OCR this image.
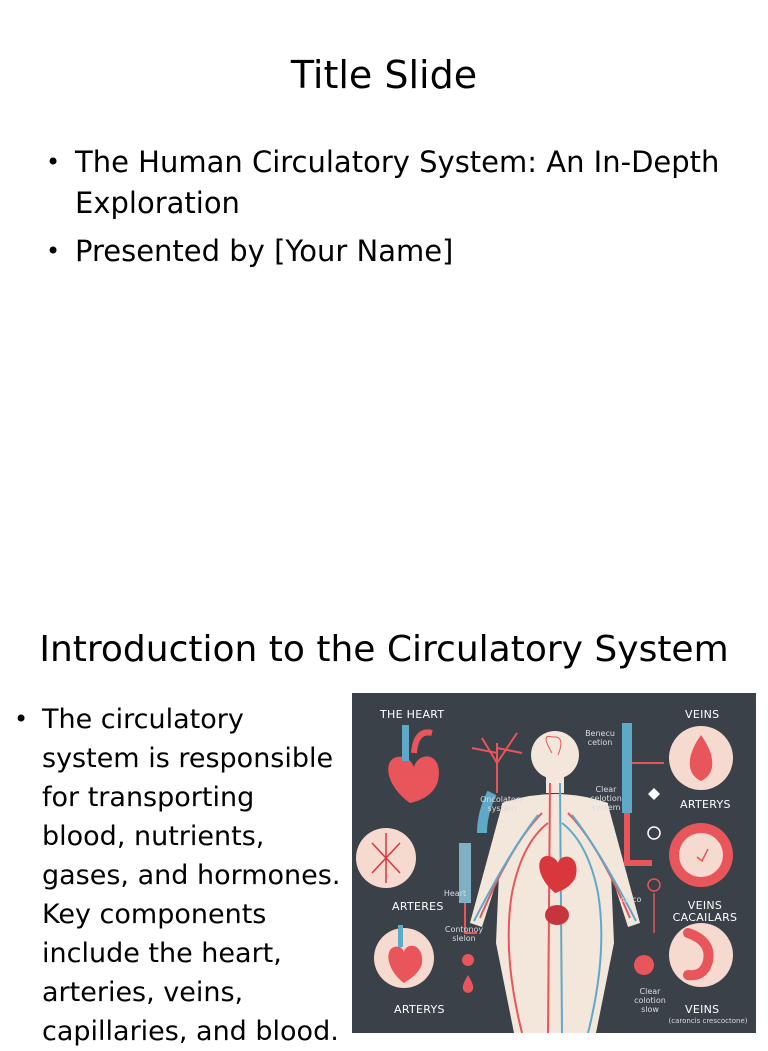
Title Slide
• The Human Circulatory System: An In-Depth Exploration
• Presented by [Your Name]
Introduction to the Circulatory System
• The circulatory system is responsible for transporting blood, nutrients, gases, and hormones. Key components include the heart, arteries, veins, capillaries, and blood.
THE HEART	VEINS
ARTERYS
ARTERES	VEINS CACAILARS
ARTERYS	VEINS
Benecu cetion
Oncolatory system
Clear celotion system
Heart
Contonoy slelon
Clear colotion slow
calco
(caroncis crescoctone)
